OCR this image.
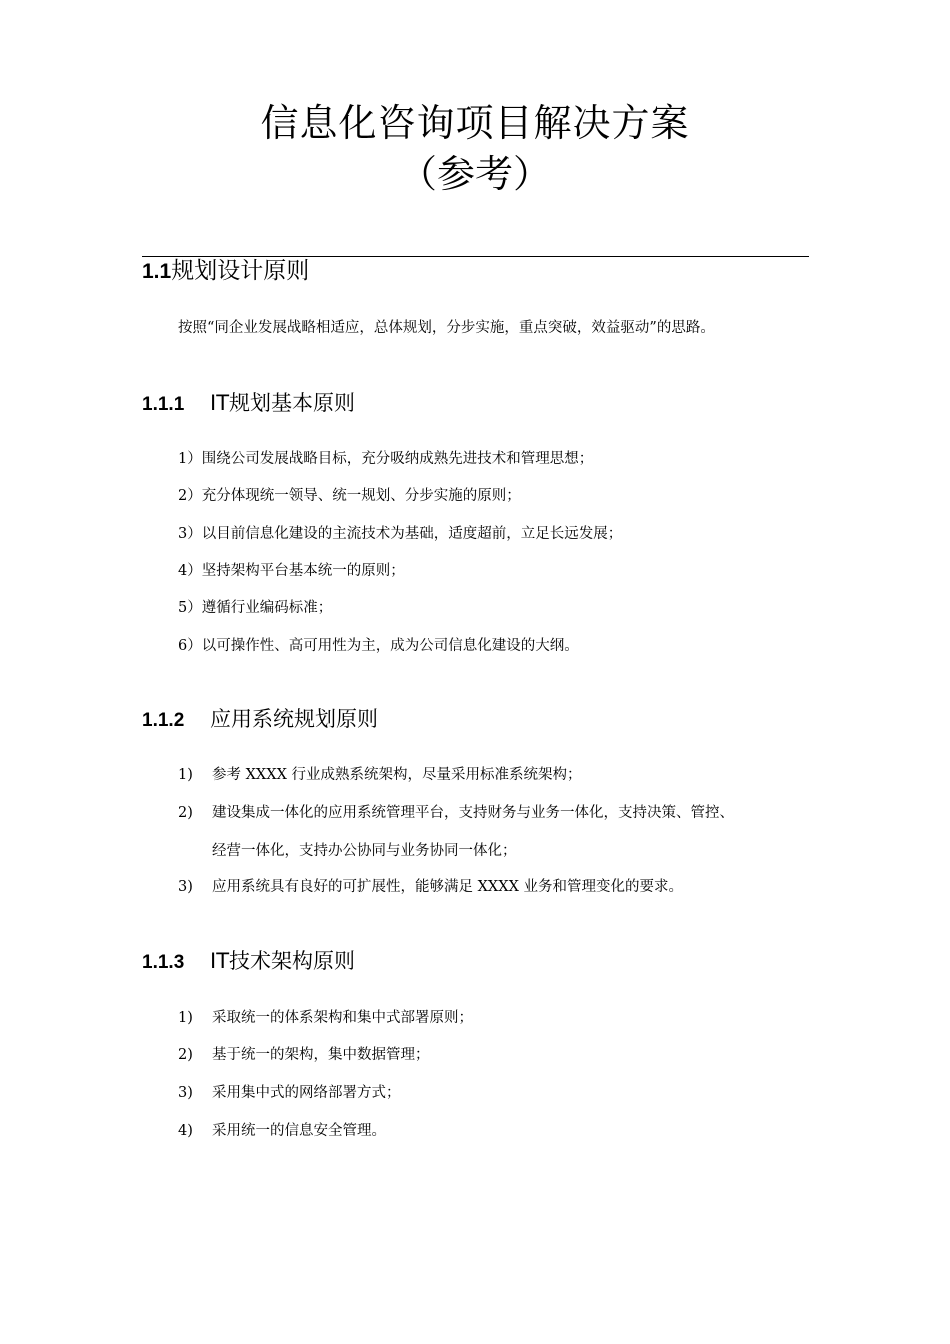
信息化咨询项目解决方案
（参考）
1.1规划设计原则
按照“同企业发展战略相适应，总体规划，分步实施，重点突破，效益驱动”的思路。
1.1.1 IT规划基本原则
1）围绕公司发展战略目标，充分吸纳成熟先进技术和管理思想；
2）充分体现统一领导、统一规划、分步实施的原则；
3）以目前信息化建设的主流技术为基础，适度超前，立足长远发展；
4）坚持架构平台基本统一的原则；
5）遵循行业编码标准；
6）以可操作性、高可用性为主，成为公司信息化建设的大纲。
1.1.2 应用系统规划原则
1) 参考 XXXX 行业成熟系统架构，尽量采用标准系统架构；
2) 建设集成一体化的应用系统管理平台，支持财务与业务一体化，支持决策、管控、
经营一体化，支持办公协同与业务协同一体化；
3) 应用系统具有良好的可扩展性，能够满足 XXXX 业务和管理变化的要求。
1.1.3 IT技术架构原则
1) 采取统一的体系架构和集中式部署原则；
2) 基于统一的架构，集中数据管理；
3) 采用集中式的网络部署方式；
4) 采用统一的信息安全管理。
